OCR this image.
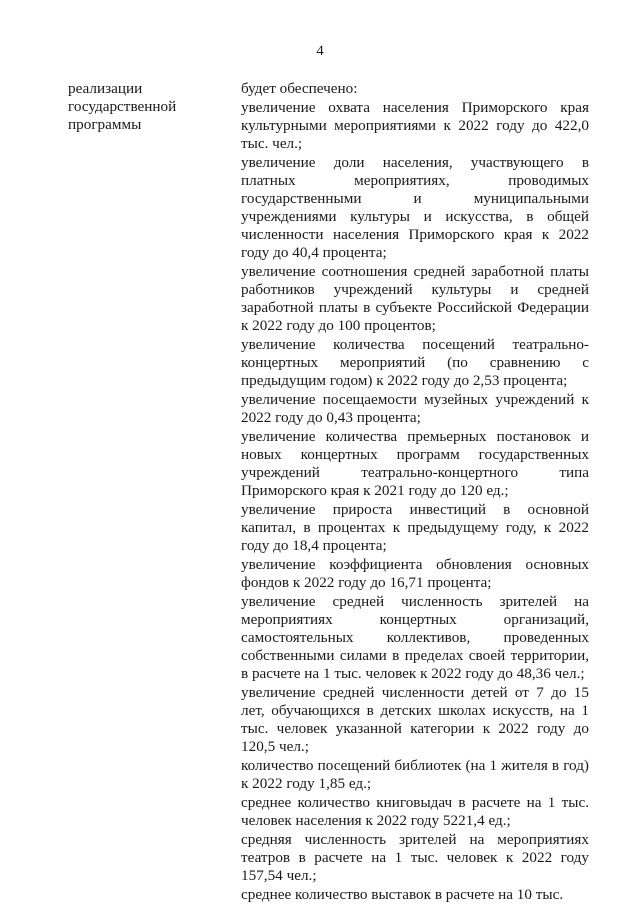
4
реализации
государственной
программы

будет обеспечено:

увеличение охвата населения Приморского края культурными мероприятиями к 2022 году до 422,0 тыс. чел.;

увеличение доли населения, участвующего в платных мероприятиях, проводимых государственными и муниципальными учреждениями культуры и искусства, в общей численности населения Приморского края к 2022 году до 40,4 процента;

увеличение соотношения средней заработной платы работников учреждений культуры и средней заработной платы в субъекте Российской Федерации к 2022 году до 100 процентов;

увеличение количества посещений театрально-концертных мероприятий (по сравнению с предыдущим годом) к 2022 году до 2,53 процента;

увеличение посещаемости музейных учреждений к 2022 году до 0,43 процента;

увеличение количества премьерных постановок и новых концертных программ государственных учреждений театрально-концертного типа Приморского края к 2021 году до 120 ед.;

увеличение прироста инвестиций в основной капитал, в процентах к предыдущему году, к 2022 году до 18,4 процента;

увеличение коэффициента обновления основных фондов к 2022 году до 16,71 процента;

увеличение средней численность зрителей на мероприятиях концертных организаций, самостоятельных коллективов, проведенных собственными силами в пределах своей территории, в расчете на 1 тыс. человек к 2022 году до 48,36 чел.;

увеличение средней численности детей от 7 до 15 лет, обучающихся в детских школах искусств, на 1 тыс. человек указанной категории к 2022 году до 120,5 чел.;

количество посещений библиотек (на 1 жителя в год) к 2022 году 1,85 ед.;

среднее количество книговыдач в расчете на 1 тыс. человек населения к 2022 году 5221,4 ед.;

средняя численность зрителей на мероприятиях театров в расчете на 1 тыс. человек к 2022 году 157,54 чел.;

среднее количество выставок в расчете на 10 тыс.
